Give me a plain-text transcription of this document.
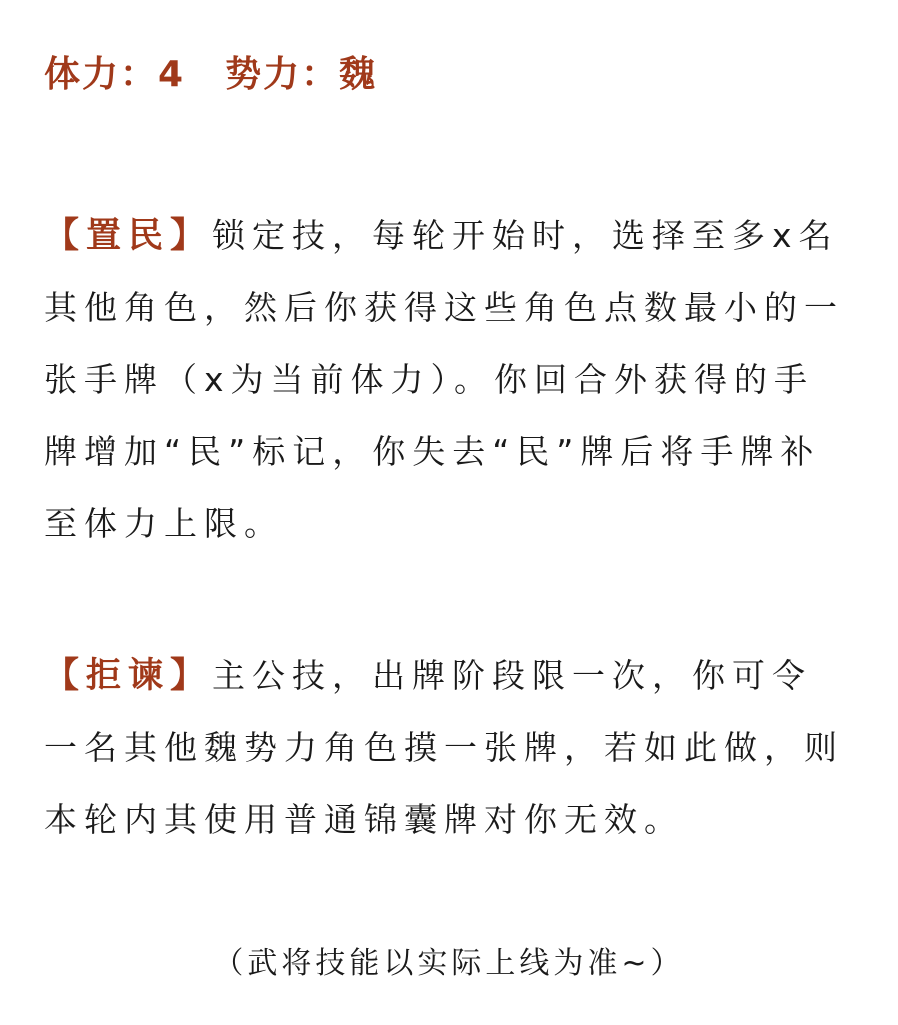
体力：4 势力：魏
【置民】锁定技，每轮开始时，选择至多x名其他角色，然后你获得这些角色点数最小的一张手牌（x为当前体力）。你回合外获得的手牌增加“民”标记，你失去“民”牌后将手牌补至体力上限。
【拒谏】主公技，出牌阶段限一次，你可令一名其他魏势力角色摸一张牌，若如此做，则本轮内其使用普通锦囊牌对你无效。
（武将技能以实际上线为准~）
